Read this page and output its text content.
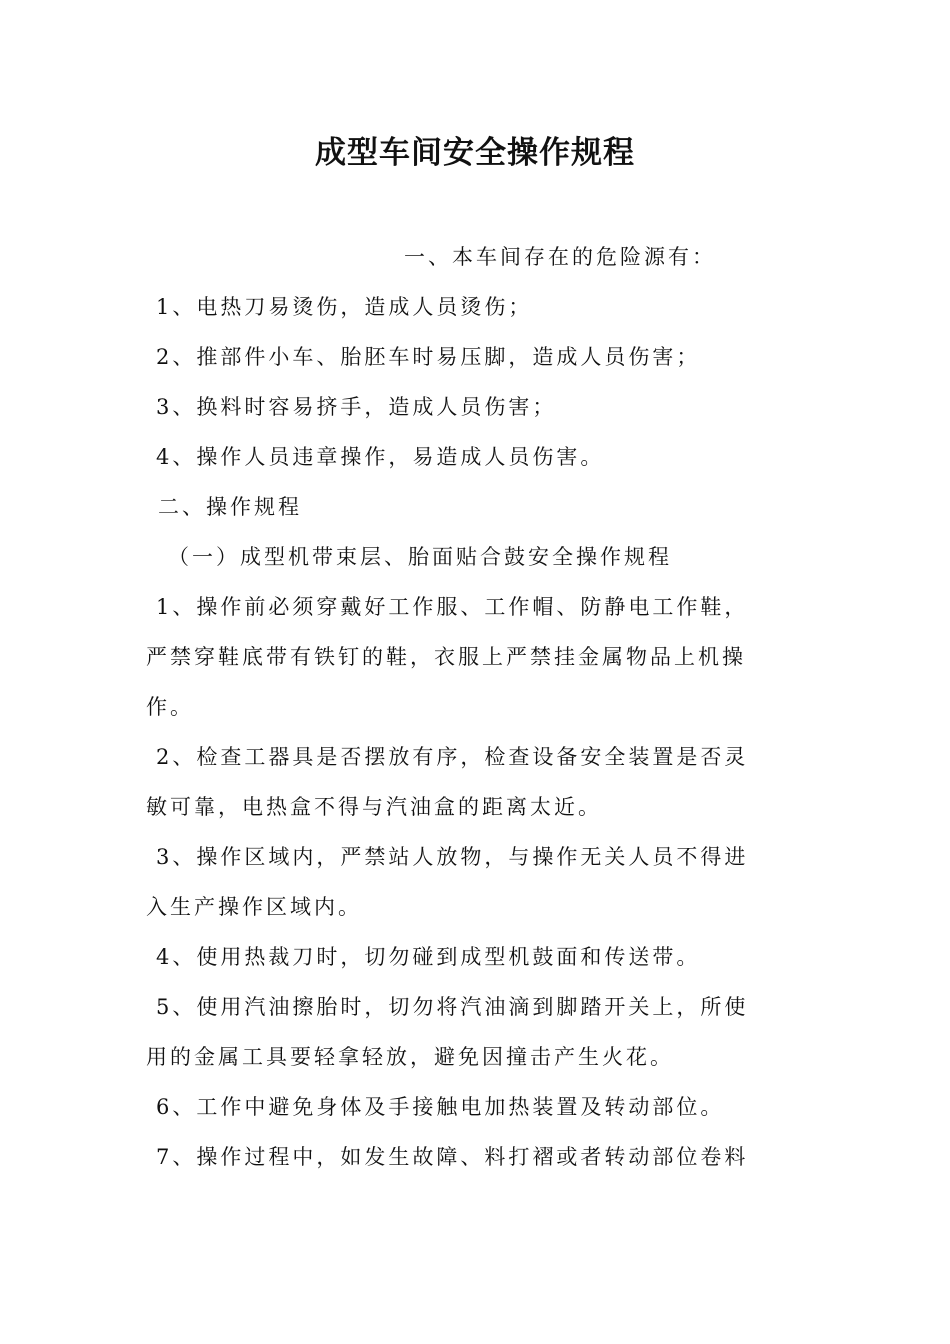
成型车间安全操作规程
一、本车间存在的危险源有：
1、电热刀易烫伤，造成人员烫伤；
2、推部件小车、胎胚车时易压脚，造成人员伤害；
3、换料时容易挤手，造成人员伤害；
4、操作人员违章操作，易造成人员伤害。
二、操作规程
（一）成型机带束层、胎面贴合鼓安全操作规程
1、操作前必须穿戴好工作服、工作帽、防静电工作鞋，
严禁穿鞋底带有铁钉的鞋，衣服上严禁挂金属物品上机操
作。
2、检查工器具是否摆放有序，检查设备安全装置是否灵
敏可靠，电热盒不得与汽油盒的距离太近。
3、操作区域内，严禁站人放物，与操作无关人员不得进
入生产操作区域内。
4、使用热裁刀时，切勿碰到成型机鼓面和传送带。
5、使用汽油擦胎时，切勿将汽油滴到脚踏开关上，所使
用的金属工具要轻拿轻放，避免因撞击产生火花。
6、工作中避免身体及手接触电加热装置及转动部位。
7、操作过程中，如发生故障、料打褶或者转动部位卷料
